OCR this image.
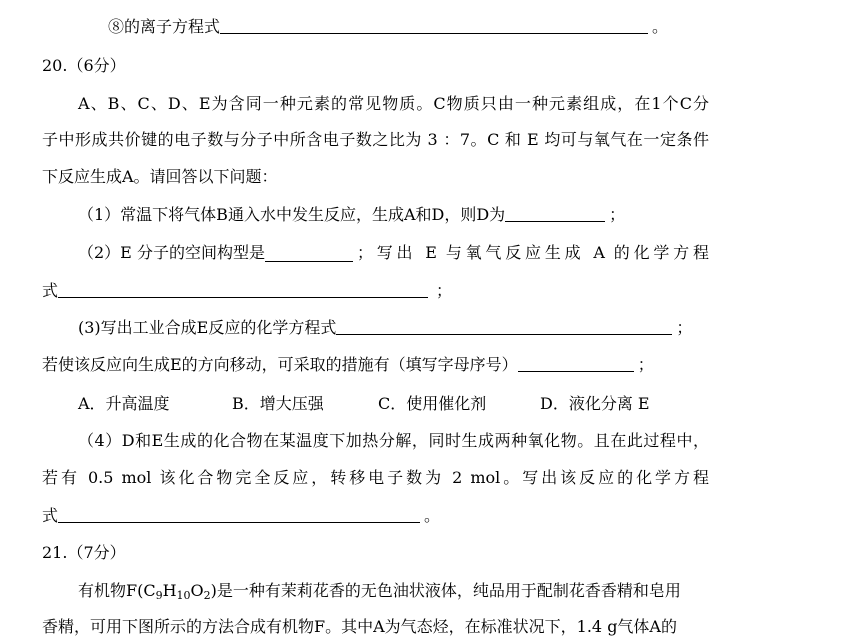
⑧的离子方程式	。
20.（6分）
A、B、C、D、E为含同一种元素的常见物质。C物质只由一种元素组成，在1个C分
子中形成共价键的电子数与分子中所含电子数之比为 3 ：7。C 和 E 均可与氧气在一定条件
下反应生成A。请回答以下问题：
（1）常温下将气体B通入水中发生反应，生成A和D，则D为	；
（2）E 分子的空间构型是	；写出 E 与氧气反应生成 A 的化学方程
式	；
(3)写出工业合成E反应的化学方程式	；
若使该反应向生成E的方向移动，可采取的措施有（填写字母序号）	；
A．升高温度	B．增大压强	C．使用催化剂	D．液化分离 E
（4）D和E生成的化合物在某温度下加热分解，同时生成两种氧化物。且在此过程中，
若有 0.5 mol 该化合物完全反应，转移电子数为 2 mol。写出该反应的化学方程
式	。
21.（7分）
有机物$F(C_9H_{10}O_2)$是一种有茉莉花香的无色油状液体，纯品用于配制花香香精和皂用
香精，可用下图所示的方法合成有机物F。其中A为气态烃，在标准状况下，1.4 g气体A的
